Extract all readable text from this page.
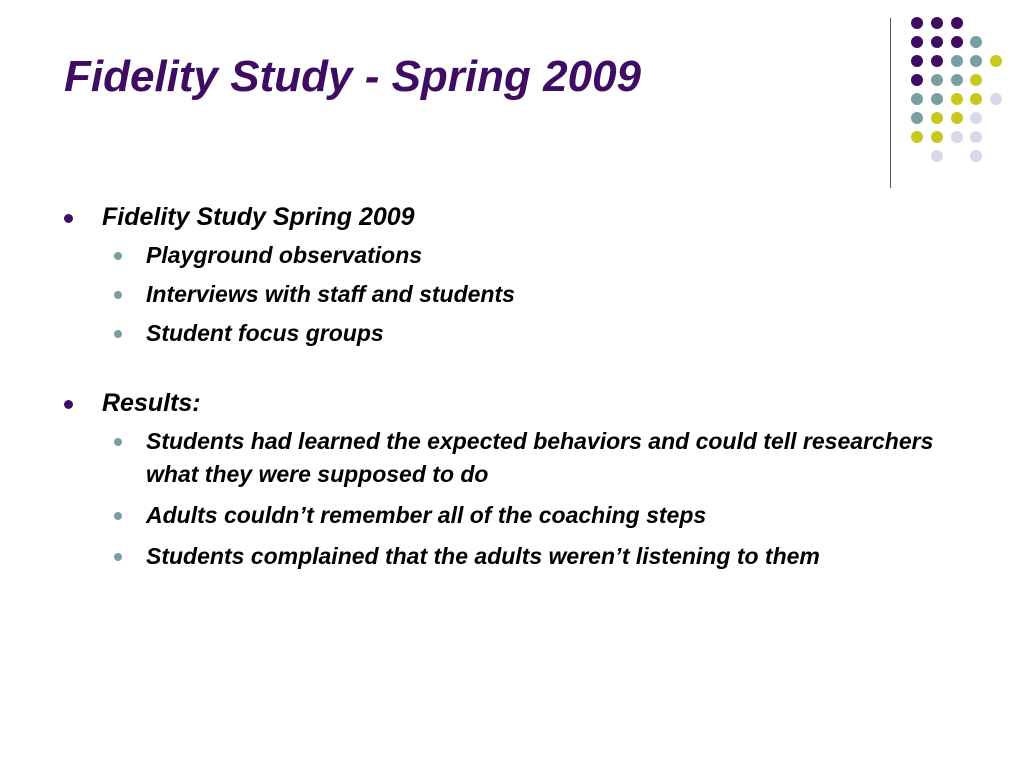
Fidelity Study - Spring 2009
Fidelity Study Spring 2009
Playground observations
Interviews with staff and students
Student focus groups
Results:
Students had learned the expected behaviors and could tell researchers what they were supposed to do
Adults couldn’t remember all of the coaching steps
Students complained that the adults weren’t listening to them
